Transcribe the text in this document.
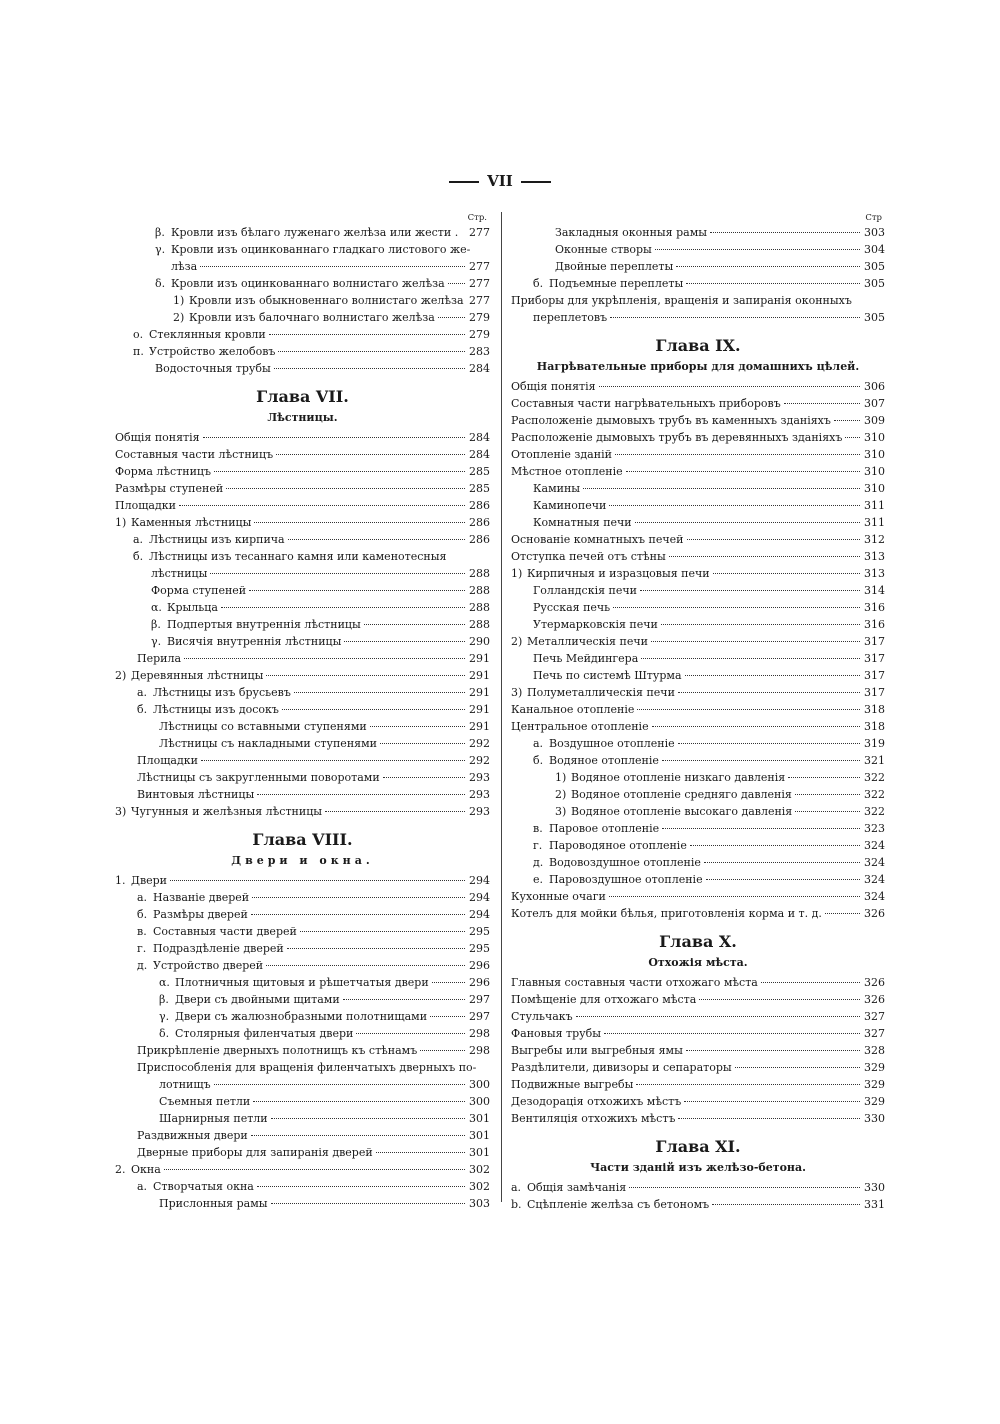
VII
Стр.
β. Кровли изъ бѣлаго луженаго желѣза или жести . 277
γ. Кровли изъ оцинкованнаго гладкаго листового же-
лѣза	277
δ. Кровли изъ оцинкованнаго волнистаго желѣза 277
1) Кровли изъ обыкновеннаго волнистаго желѣза 277
2) Кровли изъ балочнаго волнистаго желѣза	279
о. Стеклянныя кровли	279
п. Устройство желобовъ	283
Водосточныя трубы	284
Глава VII.
Лѣстницы.
Общія понятія	284
Составныя части лѣстницъ	284
Форма лѣстницъ	285
Размѣры ступеней	285
Площадки	286
1) Каменныя лѣстницы	286
а. Лѣстницы изъ кирпича	286
б. Лѣстницы изъ тесаннаго камня или каменотесныя
лѣстницы	288
Форма ступеней	288
α. Крыльца	288
β. Подпертыя внутреннія лѣстницы	288
γ. Висячія внутреннія лѣстницы	290
Перила	291
2) Деревянныя лѣстницы	291
а. Лѣстницы изъ брусьевъ	291
б. Лѣстницы изъ досокъ	291
Лѣстницы со вставными ступенями	291
Лѣстницы съ накладными ступенями	292
Площадки	292
Лѣстницы съ закругленными поворотами	293
Винтовыя лѣстницы	293
3) Чугунныя и желѣзныя лѣстницы	293
Глава VIII.
Двери и окна.
1. Двери	294
а. Названіе дверей	294
б. Размѣры дверей	294
в. Составныя части дверей	295
г. Подраздѣленіе дверей	295
д. Устройство дверей	296
α. Плотничныя щитовыя и рѣшетчатыя двери	296
β. Двери съ двойными щитами	297
γ. Двери съ жалюзнобразными полотнищами	297
δ. Столярныя филенчатыя двери	298
Прикрѣпленіе дверныхъ полотнищъ къ стѣнамъ	298
Приспособленія для вращенія филенчатыхъ дверныхъ по-
лотнищъ	300
Съемныя петли	300
Шарнирныя петли	301
Раздвижныя двери	301
Дверные приборы для запиранія дверей	301
2. Окна	302
а. Створчатыя окна	302
Прислонныя рамы	303
Стр
Закладныя оконныя рамы	303
Оконные створы	304
Двойные переплеты	305
б. Подъемные переплеты	305
Приборы для укрѣпленія, вращенія и запиранія оконныхъ
переплетовъ	305
Глава IX.
Нагрѣвательные приборы для домашнихъ цѣлей.
Общія понятія	306
Составныя части нагрѣвательныхъ приборовъ	307
Расположеніе дымовыхъ трубъ въ каменныхъ зданіяхъ	309
Расположеніе дымовыхъ трубъ въ деревянныхъ зданіяхъ 310
Отопленіе зданій	310
Мѣстное отопленіе	310
Камины	310
Каминопечи	311
Комнатныя печи	311
Основаніе комнатныхъ печей	312
Отступка печей отъ стѣны	313
1) Кирпичныя и изразцовыя печи	313
Голландскія печи	314
Русская печь	316
Утермарковскія печи	316
2) Металлическія печи	317
Печь Мейдингера	317
Печь по системѣ Штурма	317
3) Полуметаллическія печи	317
Канальное отопленіе	318
Центральное отопленіе	318
а. Воздушное отопленіе	319
б. Водяное отопленіе	321
1) Водяное отопленіе низкаго давленія	322
2) Водяное отопленіе средняго давленія	322
3) Водяное отопленіе высокаго давленія	322
в. Паровое отопленіе	323
г. Пароводяное отопленіе	324
д. Водовоздушное отопленіе	324
е. Паровоздушное отопленіе	324
Кухонные очаги	324
Котелъ для мойки бѣлья, приготовленія корма и т. д.	326
Глава X.
Отхожія мѣста.
Главныя составныя части отхожаго мѣста	326
Помѣщеніе для отхожаго мѣста	326
Стульчакъ	327
Фановыя трубы	327
Выгребы или выгребныя ямы	328
Раздѣлители, дивизоры и сепараторы	329
Подвижные выгребы	329
Дезодорація отхожихъ мѣстъ	329
Вентиляція отхожихъ мѣстъ	330
Глава XI.
Части зданій изъ желѣзо-бетона.
а. Общія замѣчанія	330
b. Сцѣпленіе желѣза съ бетономъ	331
